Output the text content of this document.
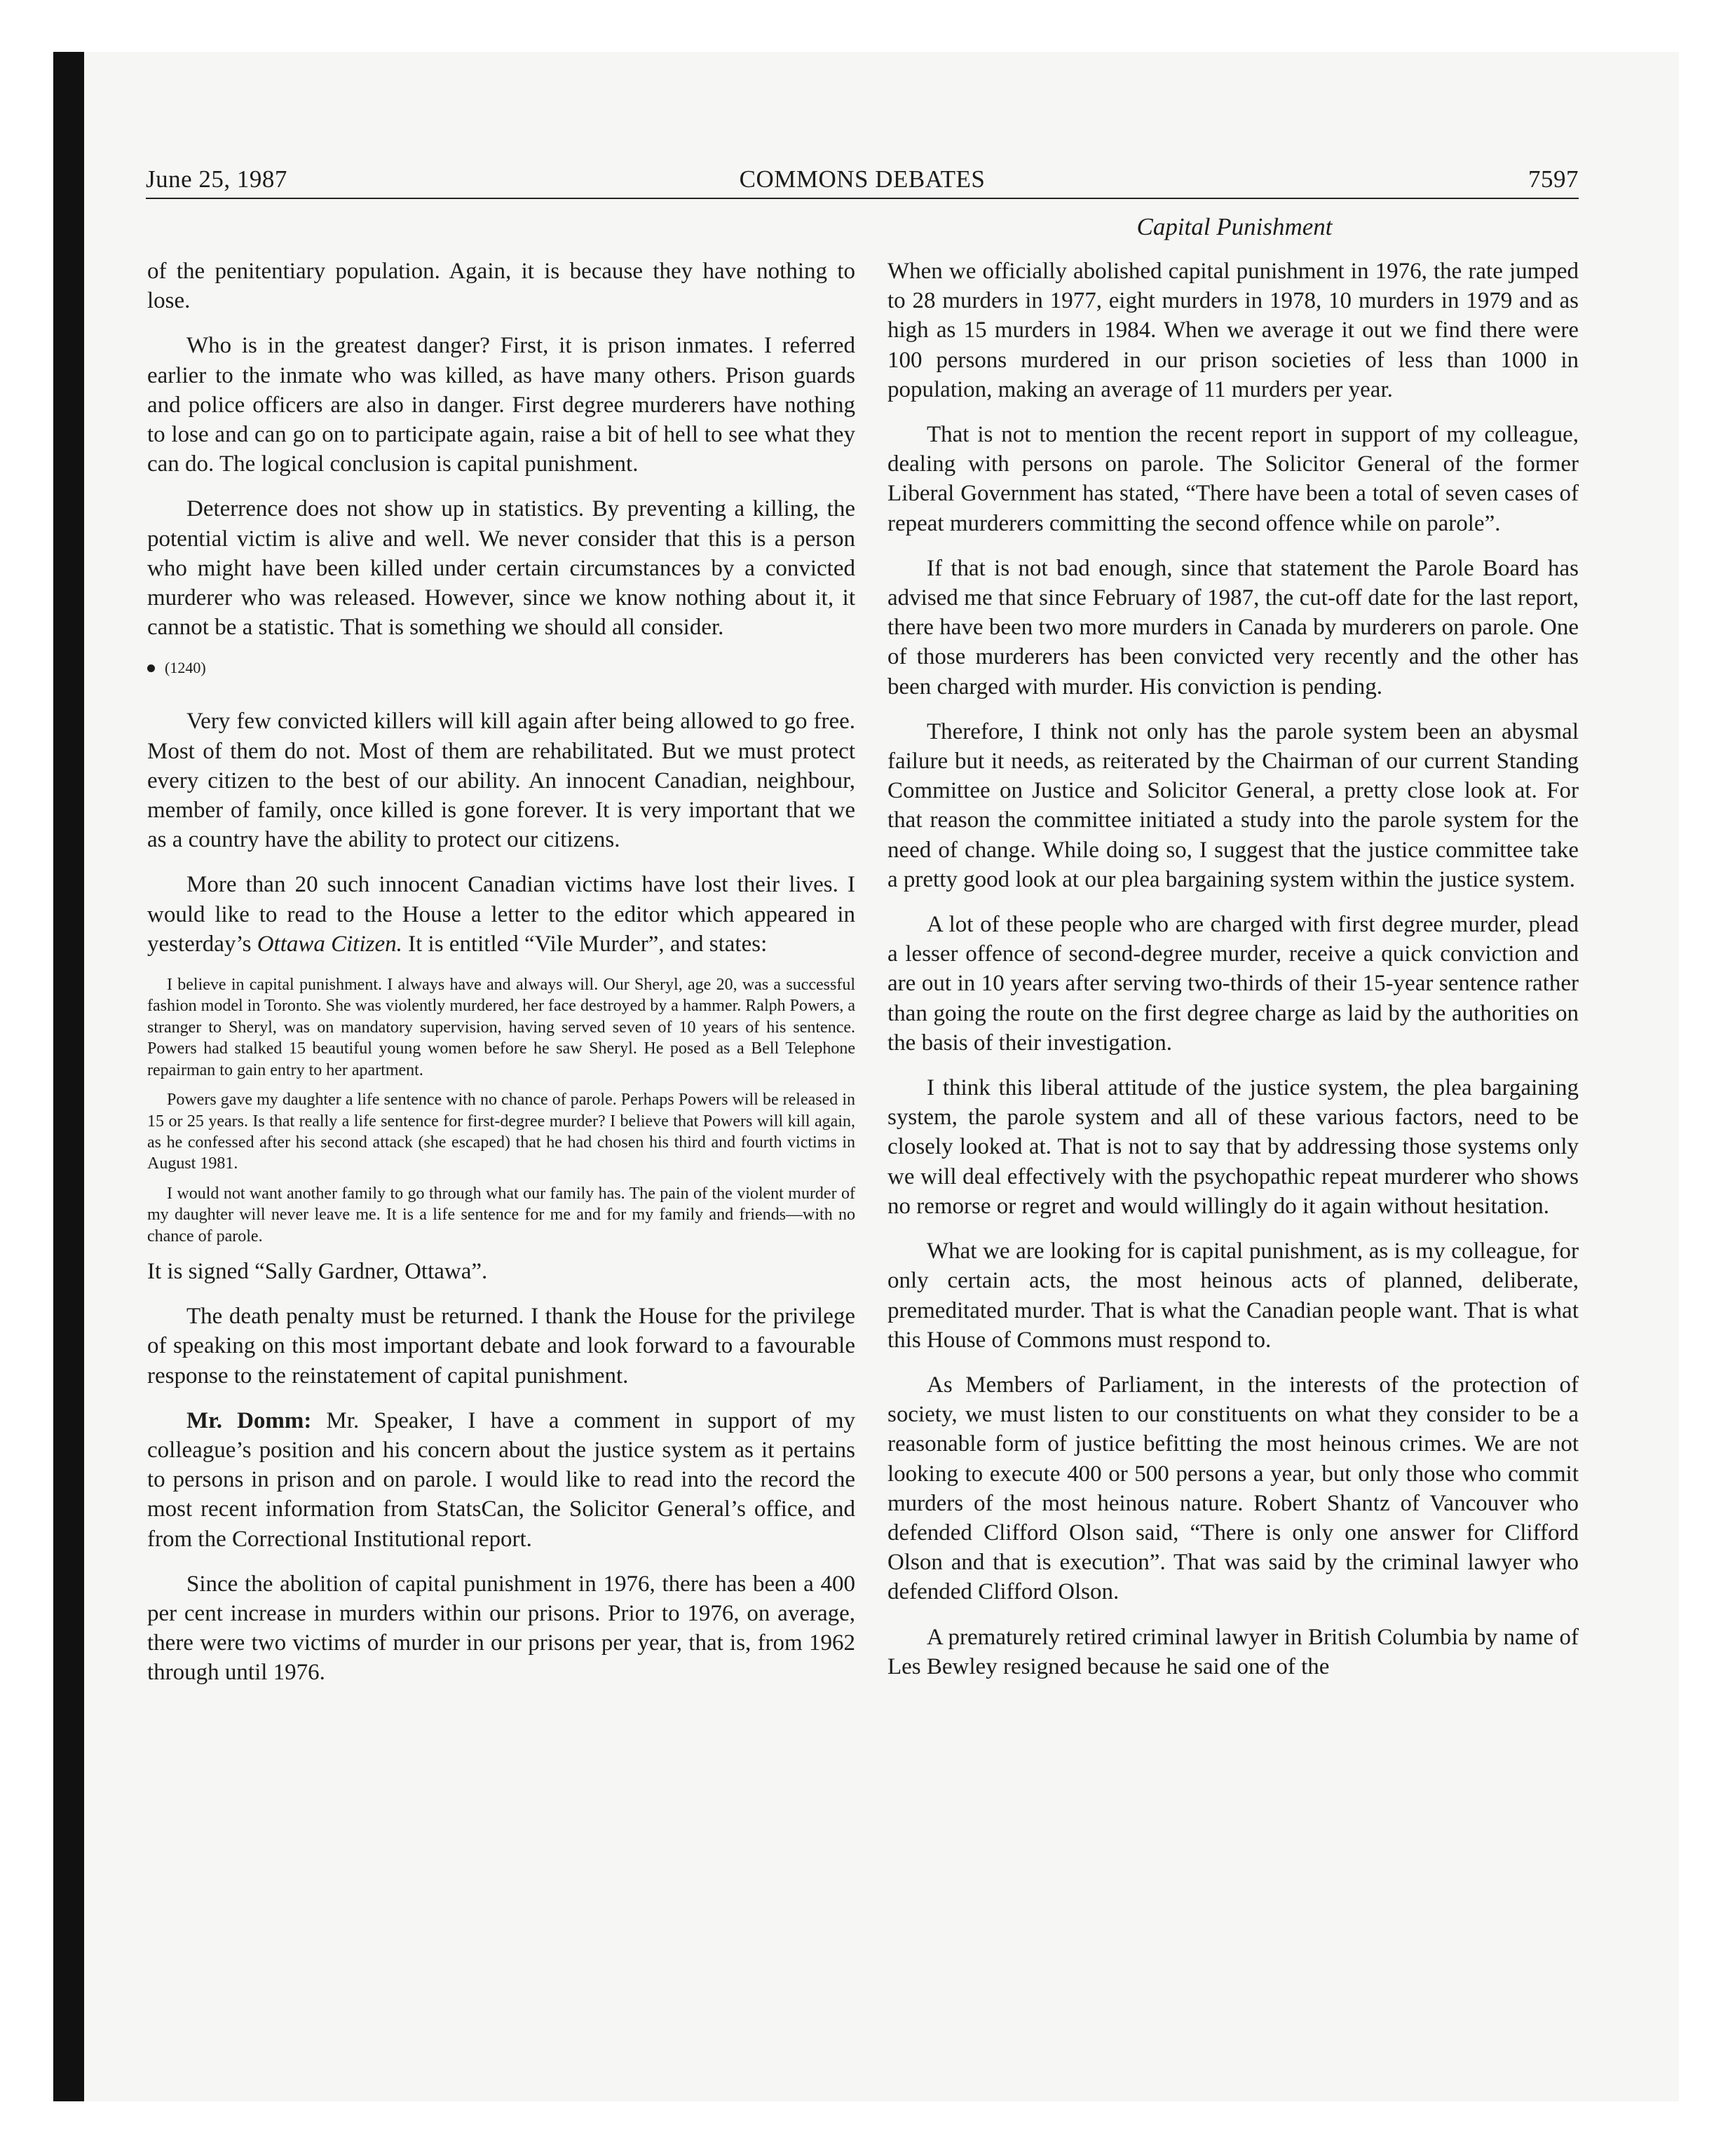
June 25, 1987	COMMONS DEBATES	7597
Capital Punishment

of the penitentiary population. Again, it is because they have nothing to lose.

Who is in the greatest danger? First, it is prison inmates. I referred earlier to the inmate who was killed, as have many others. Prison guards and police officers are also in danger. First degree murderers have nothing to lose and can go on to participate again, raise a bit of hell to see what they can do. The logical conclusion is capital punishment.

Deterrence does not show up in statistics. By preventing a killing, the potential victim is alive and well. We never consider that this is a person who might have been killed under certain circumstances by a convicted murderer who was released. However, since we know nothing about it, it cannot be a statistic. That is something we should all consider.

(1240)

Very few convicted killers will kill again after being allowed to go free. Most of them do not. Most of them are rehabilitated. But we must protect every citizen to the best of our ability. An innocent Canadian, neighbour, member of family, once killed is gone forever. It is very important that we as a country have the ability to protect our citizens.

More than 20 such innocent Canadian victims have lost their lives. I would like to read to the House a letter to the editor which appeared in yesterday’s Ottawa Citizen. It is entitled “Vile Murder”, and states:

I believe in capital punishment. I always have and always will. Our Sheryl, age 20, was a successful fashion model in Toronto. She was violently murdered, her face destroyed by a hammer. Ralph Powers, a stranger to Sheryl, was on mandatory supervision, having served seven of 10 years of his sentence. Powers had stalked 15 beautiful young women before he saw Sheryl. He posed as a Bell Telephone repairman to gain entry to her apartment.

Powers gave my daughter a life sentence with no chance of parole. Perhaps Powers will be released in 15 or 25 years. Is that really a life sentence for first-degree murder? I believe that Powers will kill again, as he confessed after his second attack (she escaped) that he had chosen his third and fourth victims in August 1981.

I would not want another family to go through what our family has. The pain of the violent murder of my daughter will never leave me. It is a life sentence for me and for my family and friends—with no chance of parole.

It is signed “Sally Gardner, Ottawa”.

The death penalty must be returned. I thank the House for the privilege of speaking on this most important debate and look forward to a favourable response to the reinstatement of capital punishment.

Mr. Domm: Mr. Speaker, I have a comment in support of my colleague’s position and his concern about the justice system as it pertains to persons in prison and on parole. I would like to read into the record the most recent information from StatsCan, the Solicitor General’s office, and from the Correctional Institutional report.

Since the abolition of capital punishment in 1976, there has been a 400 per cent increase in murders within our prisons. Prior to 1976, on average, there were two victims of murder in our prisons per year, that is, from 1962 through until 1976.

When we officially abolished capital punishment in 1976, the rate jumped to 28 murders in 1977, eight murders in 1978, 10 murders in 1979 and as high as 15 murders in 1984. When we average it out we find there were 100 persons murdered in our prison societies of less than 1000 in population, making an average of 11 murders per year.

That is not to mention the recent report in support of my colleague, dealing with persons on parole. The Solicitor General of the former Liberal Government has stated, “There have been a total of seven cases of repeat murderers committing the second offence while on parole”.

If that is not bad enough, since that statement the Parole Board has advised me that since February of 1987, the cut-off date for the last report, there have been two more murders in Canada by murderers on parole. One of those murderers has been convicted very recently and the other has been charged with murder. His conviction is pending.

Therefore, I think not only has the parole system been an abysmal failure but it needs, as reiterated by the Chairman of our current Standing Committee on Justice and Solicitor General, a pretty close look at. For that reason the committee initiated a study into the parole system for the need of change. While doing so, I suggest that the justice committee take a pretty good look at our plea bargaining system within the justice system.

A lot of these people who are charged with first degree murder, plead a lesser offence of second-degree murder, receive a quick conviction and are out in 10 years after serving two-thirds of their 15-year sentence rather than going the route on the first degree charge as laid by the authorities on the basis of their investigation.

I think this liberal attitude of the justice system, the plea bargaining system, the parole system and all of these various factors, need to be closely looked at. That is not to say that by addressing those systems only we will deal effectively with the psychopathic repeat murderer who shows no remorse or regret and would willingly do it again without hesitation.

What we are looking for is capital punishment, as is my colleague, for only certain acts, the most heinous acts of planned, deliberate, premeditated murder. That is what the Canadian people want. That is what this House of Commons must respond to.

As Members of Parliament, in the interests of the protection of society, we must listen to our constituents on what they consider to be a reasonable form of justice befitting the most heinous crimes. We are not looking to execute 400 or 500 persons a year, but only those who commit murders of the most heinous nature. Robert Shantz of Vancouver who defended Clifford Olson said, “There is only one answer for Clifford Olson and that is execution”. That was said by the criminal lawyer who defended Clifford Olson.

A prematurely retired criminal lawyer in British Columbia by name of Les Bewley resigned because he said one of the
